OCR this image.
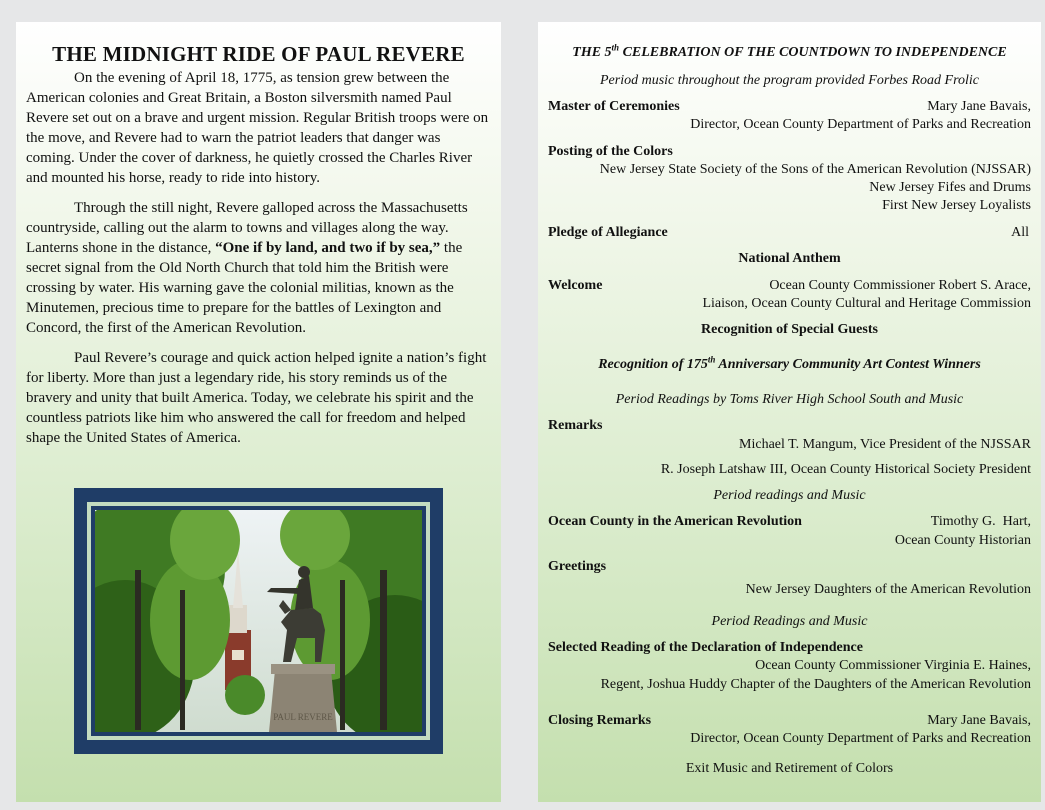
THE MIDNIGHT RIDE OF PAUL REVERE

On the evening of April 18, 1775, as tension grew between the American colonies and Great Britain, a Boston silversmith named Paul Revere set out on a brave and urgent mission. Regular British troops were on the move, and Revere had to warn the patriot leaders that danger was coming. Under the cover of darkness, he quietly crossed the Charles River and mounted his horse, ready to ride into history.

Through the still night, Revere galloped across the Massachusetts countryside, calling out the alarm to towns and villages along the way. Lanterns shone in the distance, “One if by land, and two if by sea,” the secret signal from the Old North Church that told him the British were crossing by water. His warning gave the colonial militias, known as the Minutemen, precious time to prepare for the battles of Lexington and Concord, the first of the American Revolution.

Paul Revere’s courage and quick action helped ignite a nation’s fight for liberty. More than just a legendary ride, his story reminds us of the bravery and unity that built America. Today, we celebrate his spirit and the countless patriots like him who answered the call for freedom and helped shape the United States of America.

PAUL REVERE
THE 5th CELEBRATION OF THE COUNTDOWN TO INDEPENDENCE
Period music throughout the program provided Forbes Road Frolic
Master of Ceremonies	Mary Jane Bavais,
Director, Ocean County Department of Parks and Recreation
Posting of the Colors
New Jersey State Society of the Sons of the American Revolution (NJSSAR)
New Jersey Fifes and Drums
First New Jersey Loyalists
Pledge of Allegiance	All
National Anthem
Welcome	Ocean County Commissioner Robert S. Arace,
Liaison, Ocean County Cultural and Heritage Commission
Recognition of Special Guests
Recognition of 175th Anniversary Community Art Contest Winners
Period Readings by Toms River High School South and Music
Remarks
Michael T. Mangum, Vice President of the NJSSAR
R. Joseph Latshaw III, Ocean County Historical Society President
Period readings and Music
Ocean County in the American Revolution	Timothy G.  Hart,
Ocean County Historian
Greetings
New Jersey Daughters of the American Revolution
Period Readings and Music
Selected Reading of the Declaration of Independence
Ocean County Commissioner Virginia E. Haines,
Regent, Joshua Huddy Chapter of the Daughters of the American Revolution
Closing Remarks	Mary Jane Bavais,
Director, Ocean County Department of Parks and Recreation
Exit Music and Retirement of Colors
